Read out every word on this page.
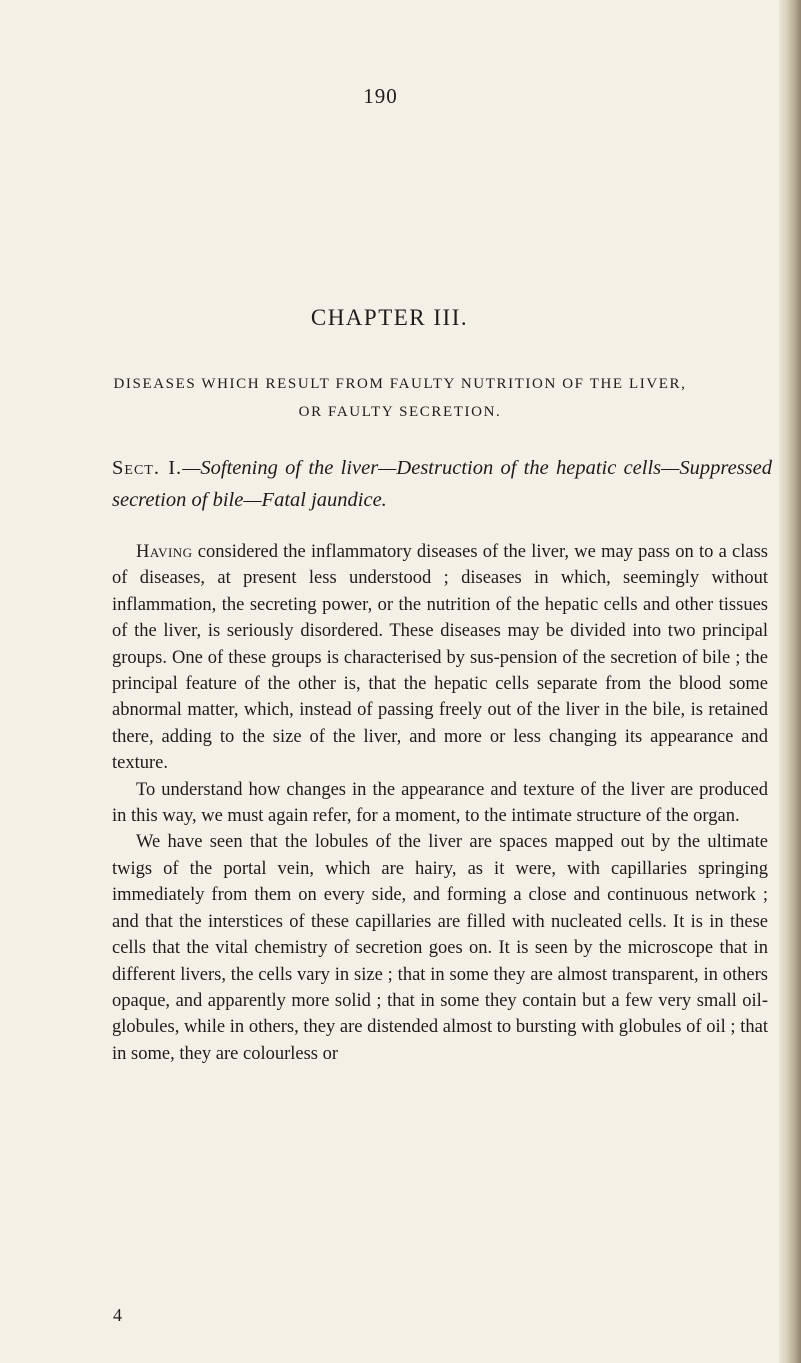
190
CHAPTER III.
DISEASES WHICH RESULT FROM FAULTY NUTRITION OF THE LIVER, OR FAULTY SECRETION.
Sect. I.—Softening of the liver—Destruction of the hepatic cells—Suppressed secretion of bile—Fatal jaundice.

Having considered the inflammatory diseases of the liver, we may pass on to a class of diseases, at present less understood ; diseases in which, seemingly without inflammation, the secreting power, or the nutrition of the hepatic cells and other tissues of the liver, is seriously disordered. These diseases may be divided into two principal groups. One of these groups is characterised by sus-pension of the secretion of bile ; the principal feature of the other is, that the hepatic cells separate from the blood some abnormal matter, which, instead of passing freely out of the liver in the bile, is retained there, adding to the size of the liver, and more or less changing its appearance and texture.

To understand how changes in the appearance and texture of the liver are produced in this way, we must again refer, for a moment, to the intimate structure of the organ.

We have seen that the lobules of the liver are spaces mapped out by the ultimate twigs of the portal vein, which are hairy, as it were, with capillaries springing immediately from them on every side, and forming a close and continuous network ; and that the interstices of these capillaries are filled with nucleated cells. It is in these cells that the vital chemistry of secretion goes on. It is seen by the microscope that in different livers, the cells vary in size ; that in some they are almost transparent, in others opaque, and apparently more solid ; that in some they contain but a few very small oil-globules, while in others, they are distended almost to bursting with globules of oil ; that in some, they are colourless or

4
